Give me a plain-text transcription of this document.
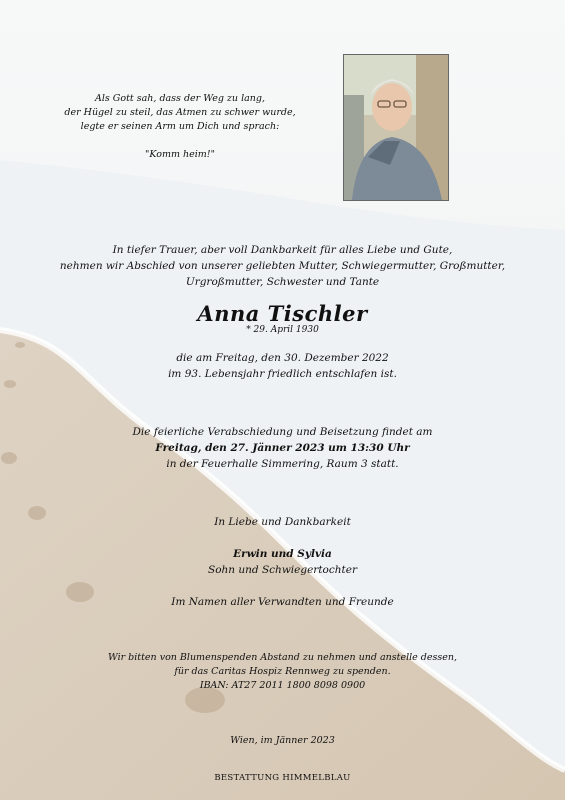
Als Gott sah, dass der Weg zu lang,
der Hügel zu steil, das Atmen zu schwer wurde,
legte er seinen Arm um Dich und sprach:
"Komm heim!"
In tiefer Trauer, aber voll Dankbarkeit für alles Liebe und Gute,
nehmen wir Abschied von unserer geliebten Mutter, Schwiegermutter, Großmutter,
Urgroßmutter, Schwester und Tante
Anna Tischler
* 29. April 1930
die am Freitag, den 30. Dezember 2022
im 93. Lebensjahr friedlich entschlafen ist.
Die feierliche Verabschiedung und Beisetzung findet am
Freitag, den 27. Jänner 2023 um 13:30 Uhr
in der Feuerhalle Simmering, Raum 3 statt.
In Liebe und Dankbarkeit
Erwin und Sylvia
Sohn und Schwiegertochter
Im Namen aller Verwandten und Freunde
Wir bitten von Blumenspenden Abstand zu nehmen und anstelle dessen,
für das Caritas Hospiz Rennweg zu spenden.
IBAN: AT27 2011 1800 8098 0900
Wien, im Jänner 2023
BESTATTUNG HIMMELBLAU
